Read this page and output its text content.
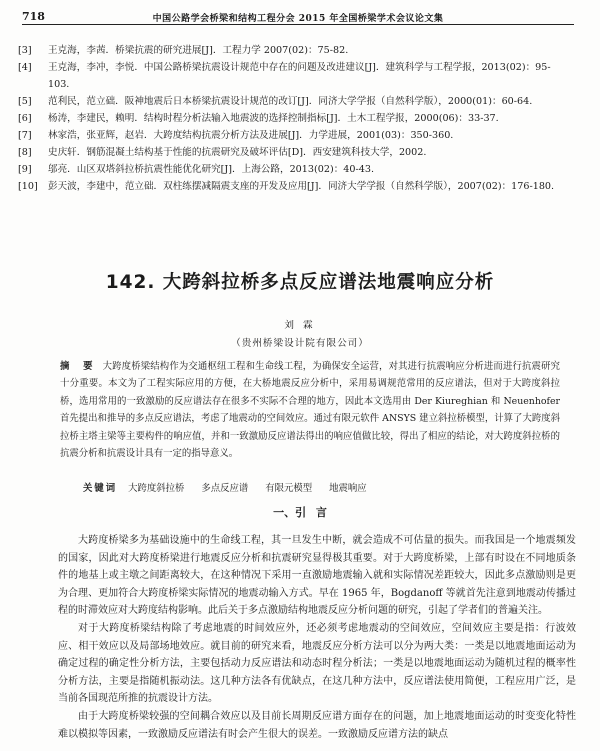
718	中国公路学会桥梁和结构工程分会 2015 年全国桥梁学术会议论文集
[3] 王克海，李茜．桥梁抗震的研究进展[J]．工程力学 2007(02)：75-82.
[4] 王克海，李冲，李悦．中国公路桥梁抗震设计规范中存在的问题及改进建议[J]．建筑科学与工程学报，2013(02)：95-103.
[5] 范利民，范立础．阪神地震后日本桥梁抗震设计规范的改订[J]．同济大学学报（自然科学版），2000(01)：60-64.
[6] 杨涛，李建民，赖明．结构时程分析法输入地震波的选择控制指标[J]．土木工程学报，2000(06)：33-37.
[7] 林家浩，张亚辉，赵岩．大跨度结构抗震分析方法及进展[J]．力学进展，2001(03)：350-360.
[8] 史庆轩．钢筋混凝土结构基于性能的抗震研究及破坏评估[D]．西安建筑科技大学，2002.
[9] 邬亮．山区双塔斜拉桥抗震性能优化研究[J]．上海公路，2013(02)：40-43.
[10] 彭天波，李建中，范立础．双柱练摆减隔震支座的开发及应用[J]．同济大学学报（自然科学版），2007(02)：176-180.
142. 大跨斜拉桥多点反应谱法地震响应分析
刘 霖
（贵州桥梁设计院有限公司）
摘　要 大跨度桥梁结构作为交通枢纽工程和生命线工程，为确保安全运营，对其进行抗震响应分析进而进行抗震研究十分重要。本文为了工程实际应用的方便，在大桥地震反应分析中，采用易调规范常用的反应谱法，但对于大跨度斜拉桥，选用常用的一致激励的反应谱法存在很多不实际不合理的地方，因此本文选用由 Der Kiureghian 和 Neuenhofer 首先提出和推导的多点反应谱法，考虑了地震动的空间效应。通过有限元软件 ANSYS 建立斜拉桥模型，计算了大跨度斜拉桥主塔主梁等主要构件的响应值，并和一致激励反应谱法得出的响应值做比较，得出了相应的结论，对大跨度斜拉桥的抗震分析和抗震设计具有一定的指导意义。
关键词 大跨度斜拉桥 多点反应谱 有限元模型 地震响应
一、引 言

大跨度桥梁多为基础设施中的生命线工程，其一旦发生中断，就会造成不可估量的损失。而我国是一个地震频发的国家，因此对大跨度桥梁进行地震反应分析和抗震研究显得极其重要。对于大跨度桥梁，上部有时设在不同地质条件的地基上或主墩之间距离较大，在这种情况下采用一直激励地震输入就和实际情况差距较大，因此多点激励则是更为合理、更加符合大跨度桥梁实际情况的地震动输入方式。早在 1965 年，Bogdanoff 等就首先注意到地震动传播过程的时滞效应对大跨度结构影响。此后关于多点激励结构地震反应分析问题的研究，引起了学者们的普遍关注。

对于大跨度桥梁结构除了考虑地震的时间效应外，还必须考虑地震动的空间效应，空间效应主要是指：行波效应、相干效应以及局部场地效应。就目前的研究来看，地震反应分析方法可以分为两大类：一类是以地震地面运动为确定过程的确定性分析方法，主要包括动力反应谱法和动态时程分析法；一类是以地震地面运动为随机过程的概率性分析方法，主要是指随机振动法。这几种方法各有优缺点，在这几种方法中，反应谱法使用简便，工程应用广泛，是当前各国现范所推的抗震设计方法。

由于大跨度桥梁较强的空间耦合效应以及目前长周期反应谱方面存在的问题，加上地震地面运动的时变变化特性难以模拟等因素，一致激励反应谱法有时会产生很大的误差。一致激励反应谱方法的缺点
